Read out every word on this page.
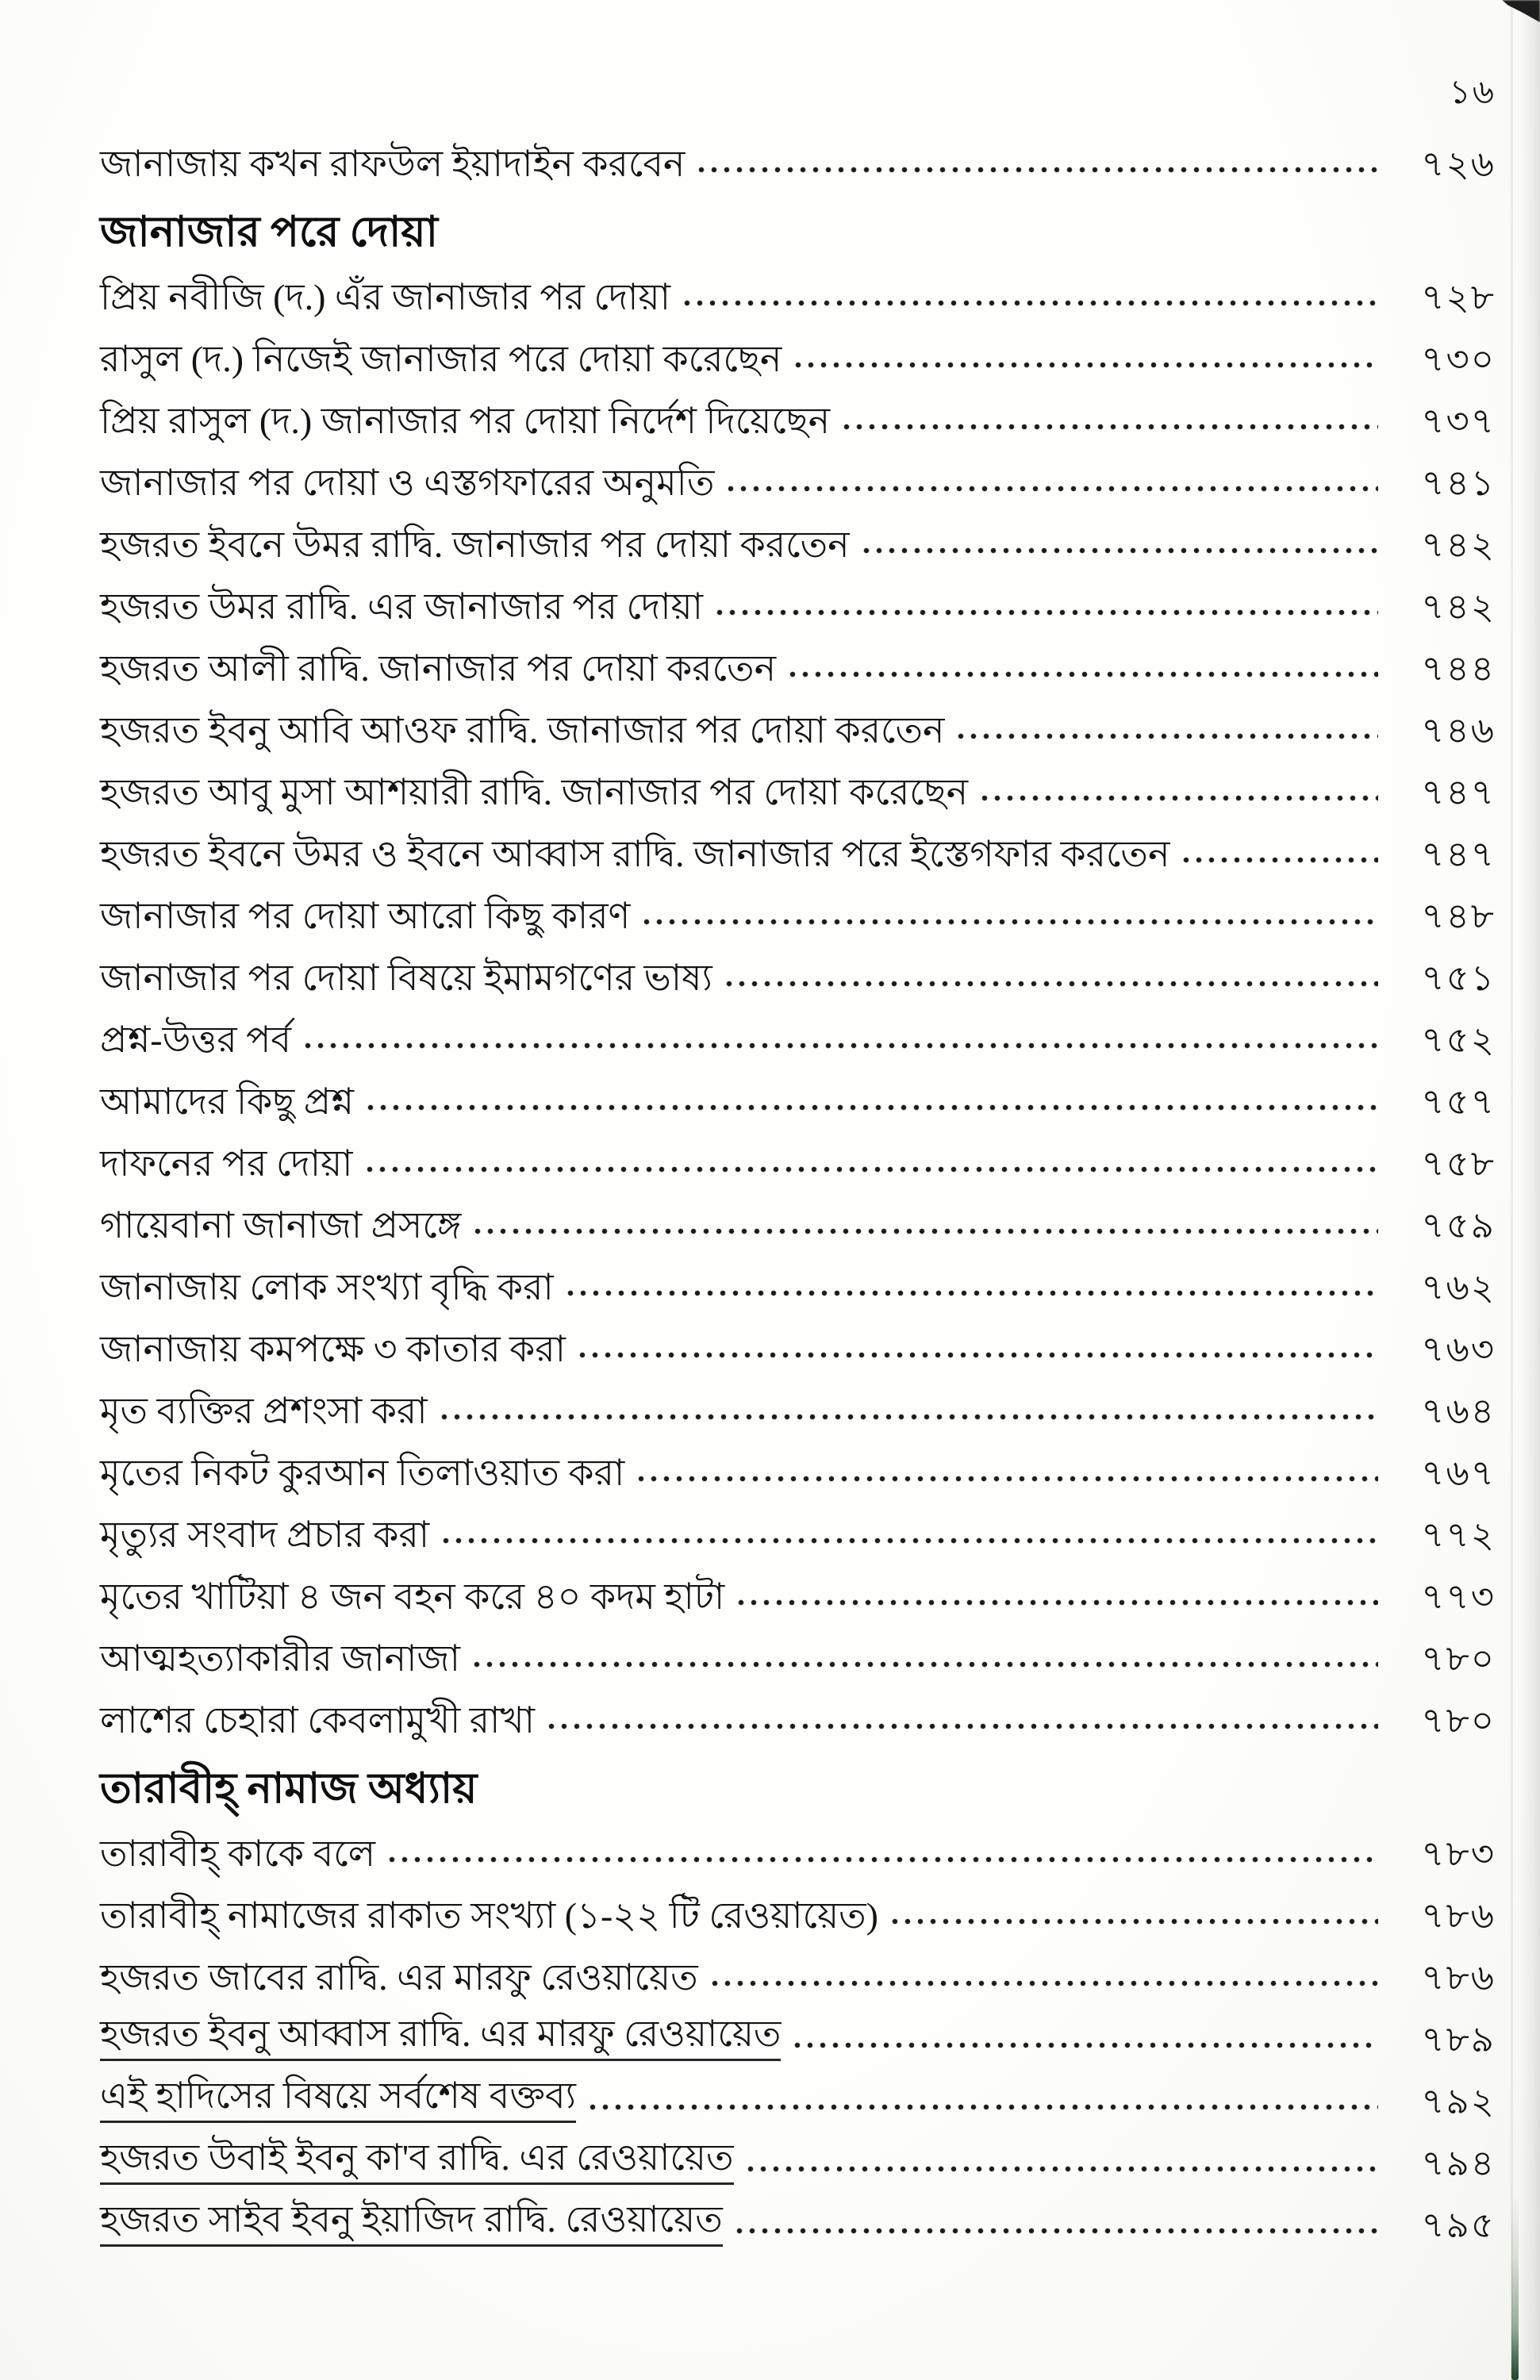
১৬
জানাজায় কখন রাফউল ইয়াদাইন করবেন	৭২৬
জানাজার পরে দোয়া
প্রিয় নবীজি (দ.) এঁর জানাজার পর দোয়া	৭২৮
রাসুল (দ.) নিজেই জানাজার পরে দোয়া করেছেন	৭৩০
প্রিয় রাসুল (দ.) জানাজার পর দোয়া নির্দেশ দিয়েছেন	৭৩৭
জানাজার পর দোয়া ও এস্তগফারের অনুমতি	৭৪১
হজরত ইবনে উমর রাদ্বি. জানাজার পর দোয়া করতেন	৭৪২
হজরত উমর রাদ্বি. এর জানাজার পর দোয়া	৭৪২
হজরত আলী রাদ্বি. জানাজার পর দোয়া করতেন	৭৪৪
হজরত ইবনু আবি আওফ রাদ্বি. জানাজার পর দোয়া করতেন	৭৪৬
হজরত আবু মুসা আশয়ারী রাদ্বি. জানাজার পর দোয়া করেছেন	৭৪৭
হজরত ইবনে উমর ও ইবনে আব্বাস রাদ্বি. জানাজার পরে ইস্তেগফার করতেন	৭৪৭
জানাজার পর দোয়া আরো কিছু কারণ	৭৪৮
জানাজার পর দোয়া বিষয়ে ইমামগণের ভাষ্য	৭৫১
প্রশ্ন-উত্তর পর্ব	৭৫২
আমাদের কিছু প্রশ্ন	৭৫৭
দাফনের পর দোয়া	৭৫৮
গায়েবানা জানাজা প্রসঙ্গে	৭৫৯
জানাজায় লোক সংখ্যা বৃদ্ধি করা	৭৬২
জানাজায় কমপক্ষে ৩ কাতার করা	৭৬৩
মৃত ব্যক্তির প্রশংসা করা	৭৬৪
মৃতের নিকট কুরআন তিলাওয়াত করা	৭৬৭
মৃত্যুর সংবাদ প্রচার করা	৭৭২
মৃতের খাটিয়া ৪ জন বহন করে ৪০ কদম হাটা	৭৭৩
আত্মহত্যাকারীর জানাজা	৭৮০
লাশের চেহারা কেবলামুখী রাখা	৭৮০
তারাবীহ্ নামাজ অধ্যায়
তারাবীহ্ কাকে বলে	৭৮৩
তারাবীহ্ নামাজের রাকাত সংখ্যা (১-২২ টি রেওয়ায়েত)	৭৮৬
হজরত জাবের রাদ্বি. এর মারফু রেওয়ায়েত	৭৮৬
হজরত ইবনু আব্বাস রাদ্বি. এর মারফু রেওয়ায়েত	৭৮৯
এই হাদিসের বিষয়ে সর্বশেষ বক্তব্য	৭৯২
হজরত উবাই ইবনু কা'ব রাদ্বি. এর রেওয়ায়েত	৭৯৪
হজরত সাইব ইবনু ইয়াজিদ রাদ্বি. রেওয়ায়েত	৭৯৫
